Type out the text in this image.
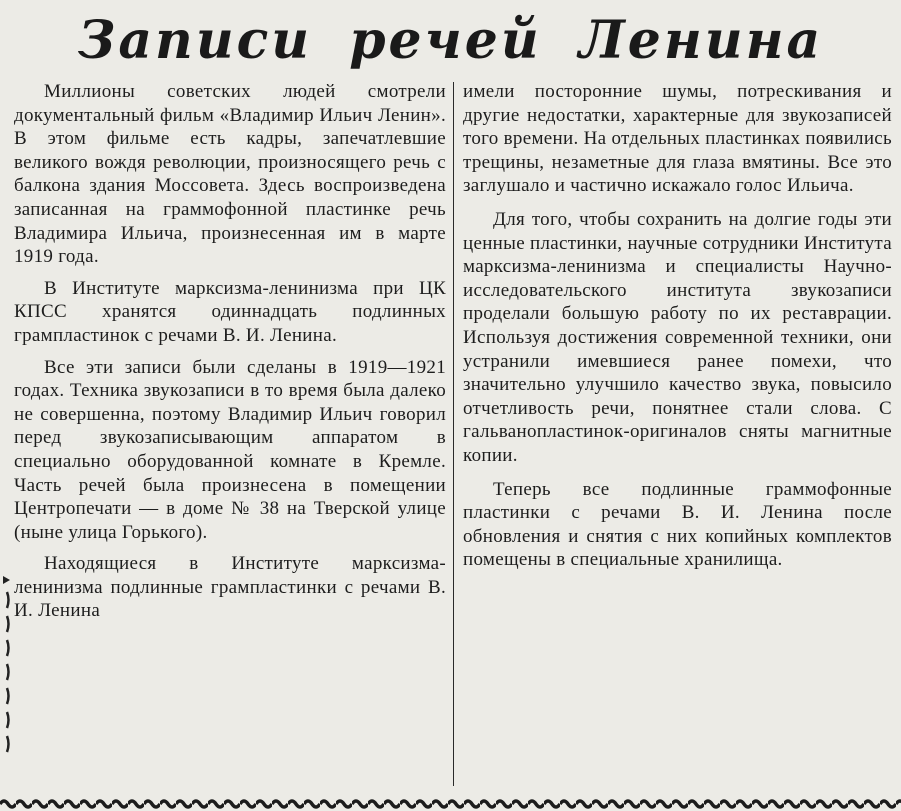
Записи речей Ленина

Миллионы советских людей смотрели документальный фильм «Владимир Ильич Ленин». В этом фильме есть кадры, запечатлевшие великого вождя революции, произносящего речь с балкона здания Моссовета. Здесь воспроизведена записанная на граммофонной пластинке речь Владимира Ильича, произнесенная им в марте 1919 года.

В Институте марксизма-ленинизма при ЦК КПСС хранятся одиннадцать подлинных грампластинок с речами В. И. Ленина.

Все эти записи были сделаны в 1919—1921 годах. Техника звукозаписи в то время была далеко не совершенна, поэтому Владимир Ильич говорил перед звукозаписывающим аппаратом в специально оборудованной комнате в Кремле. Часть речей была произнесена в помещении Центропечати — в доме № 38 на Тверской улице (ныне улица Горького).

Находящиеся в Институте марксизма-ленинизма подлинные грампластинки с речами В. И. Ленина

имели посторонние шумы, потрескивания и другие недостатки, характерные для звукозаписей того времени. На отдельных пластинках появились трещины, незаметные для глаза вмятины. Все это заглушало и частично искажало голос Ильича.

Для того, чтобы сохранить на долгие годы эти ценные пластинки, научные сотрудники Института марксизма-ленинизма и специалисты Научно-исследовательского института звукозаписи проделали большую работу по их реставрации. Используя достижения современной техники, они устранили имевшиеся ранее помехи, что значительно улучшило качество звука, повысило отчетливость речи, понятнее стали слова. С гальванопластинок-оригиналов сняты магнитные копии.

Теперь все подлинные граммофонные пластинки с речами В. И. Ленина после обновления и снятия с них копийных комплектов помещены в специальные хранилища.
